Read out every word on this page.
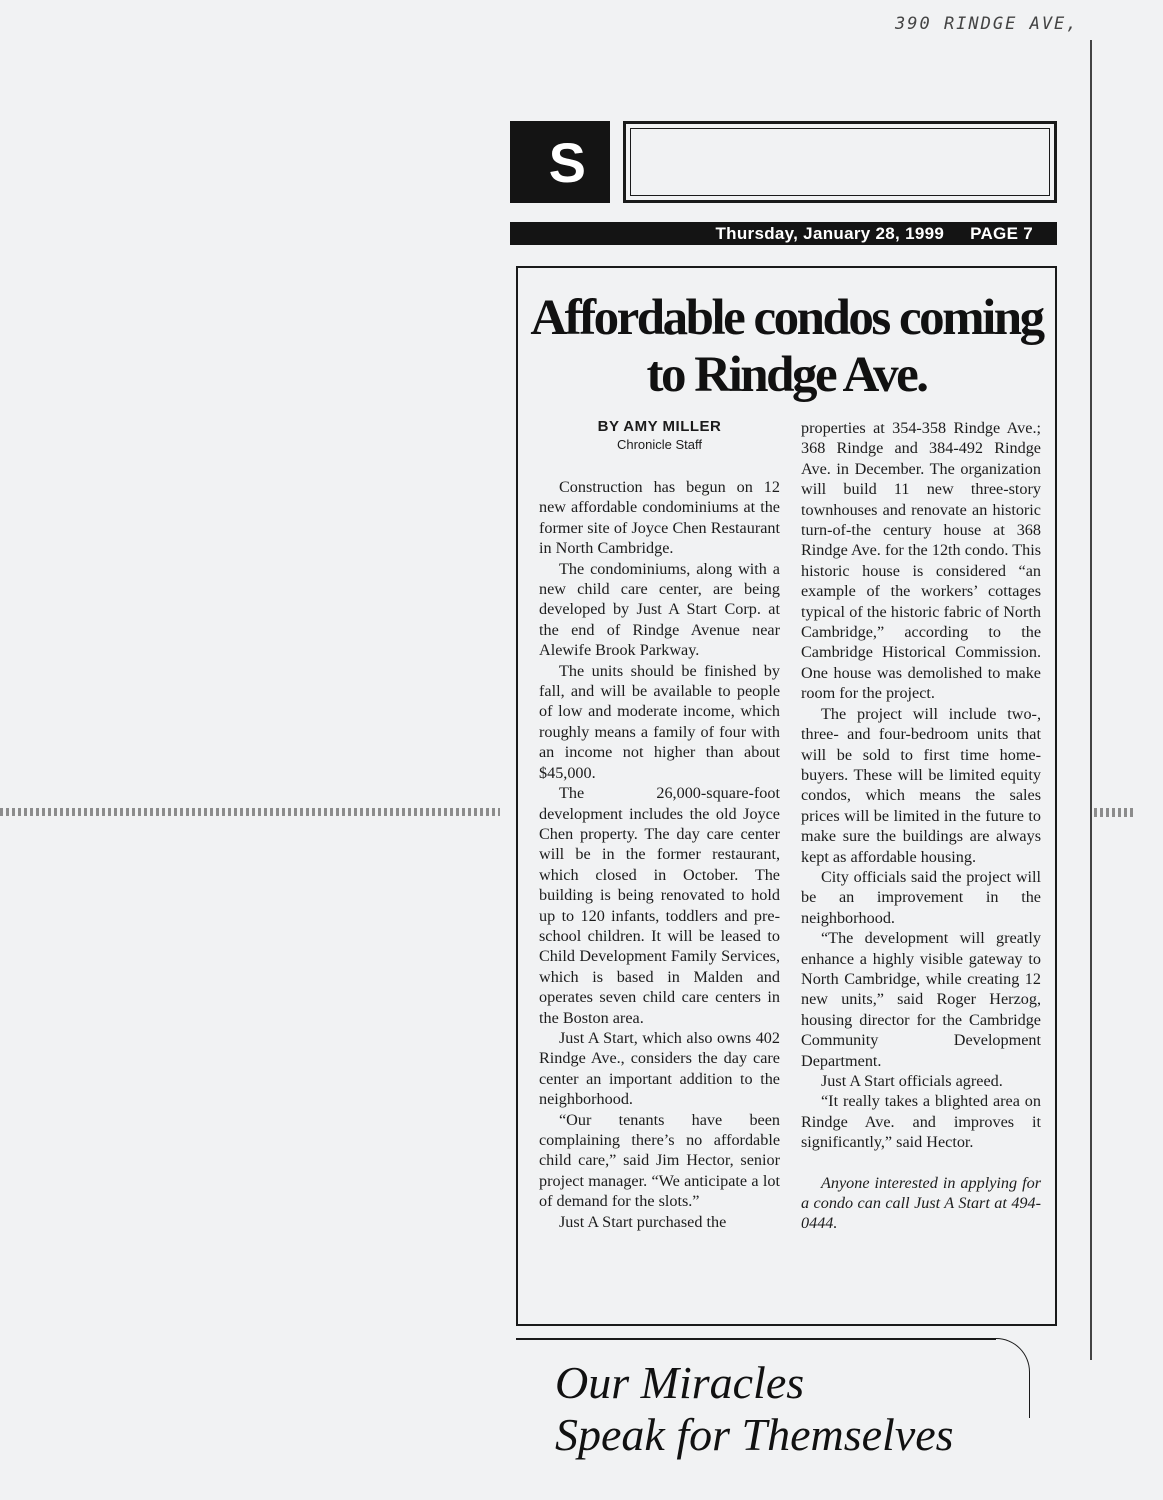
390 RINDGE AVE,
S
Thursday, January 28, 1999 PAGE 7
Affordable condos coming to Rindge Ave.
BY AMY MILLER
Chronicle Staff

Construction has begun on 12 new affordable condominiums at the former site of Joyce Chen Restaurant in North Cambridge.

The condominiums, along with a new child care center, are being developed by Just A Start Corp. at the end of Rindge Avenue near Alewife Brook Parkway.

The units should be finished by fall, and will be available to people of low and moderate income, which roughly means a family of four with an income not higher than about $45,000.

The 26,000-square-foot development includes the old Joyce Chen property. The day care center will be in the former restaurant, which closed in October. The building is being renovated to hold up to 120 infants, toddlers and pre-school children. It will be leased to Child Development Family Services, which is based in Malden and operates seven child care centers in the Boston area.

Just A Start, which also owns 402 Rindge Ave., considers the day care center an important addition to the neighborhood.

“Our tenants have been complaining there’s no affordable child care,” said Jim Hector, senior project manager. “We anticipate a lot of demand for the slots.”

Just A Start purchased the

properties at 354-358 Rindge Ave.; 368 Rindge and 384-492 Rindge Ave. in December. The organization will build 11 new three-story townhouses and renovate an historic turn-of-the century house at 368 Rindge Ave. for the 12th condo. This historic house is considered “an example of the workers’ cottages typical of the historic fabric of North Cambridge,” according to the Cambridge Historical Commission. One house was demolished to make room for the project.

The project will include two-, three- and four-bedroom units that will be sold to first time home-buyers. These will be limited equity condos, which means the sales prices will be limited in the future to make sure the buildings are always kept as affordable housing.

City officials said the project will be an improvement in the neighborhood.

“The development will greatly enhance a highly visible gateway to North Cambridge, while creating 12 new units,” said Roger Herzog, housing director for the Cambridge Community Development Department.

Just A Start officials agreed.

“It really takes a blighted area on Rindge Ave. and improves it significantly,” said Hector.

Anyone interested in applying for a condo can call Just A Start at 494-0444.

Our Miracles
Speak for Themselves
